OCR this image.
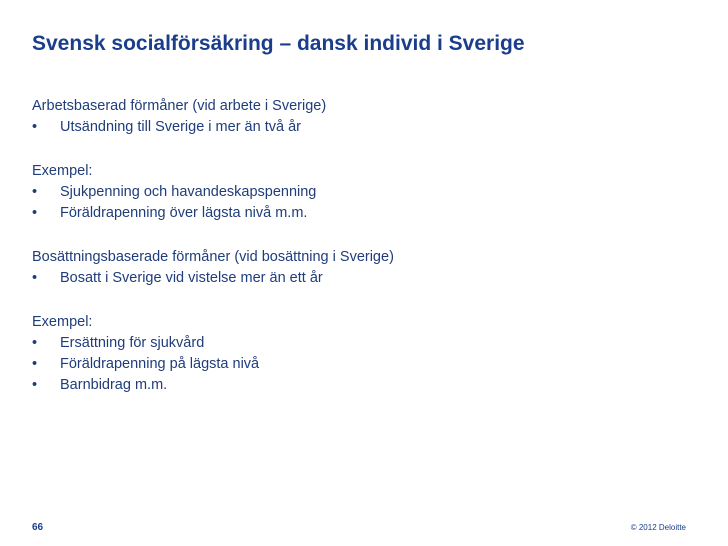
Svensk socialförsäkring – dansk individ i Sverige
Arbetsbaserad förmåner (vid arbete i Sverige)
•	Utsändning till Sverige i mer än två år
Exempel:
•	Sjukpenning och havandeskapspenning
•	Föräldrapenning över lägsta nivå m.m.
Bosättningsbaserade förmåner (vid bosättning i Sverige)
•	Bosatt i Sverige vid vistelse mer än ett år
Exempel:
•	Ersättning för sjukvård
•	Föräldrapenning på lägsta nivå
•	Barnbidrag m.m.
66	© 2012 Deloitte
